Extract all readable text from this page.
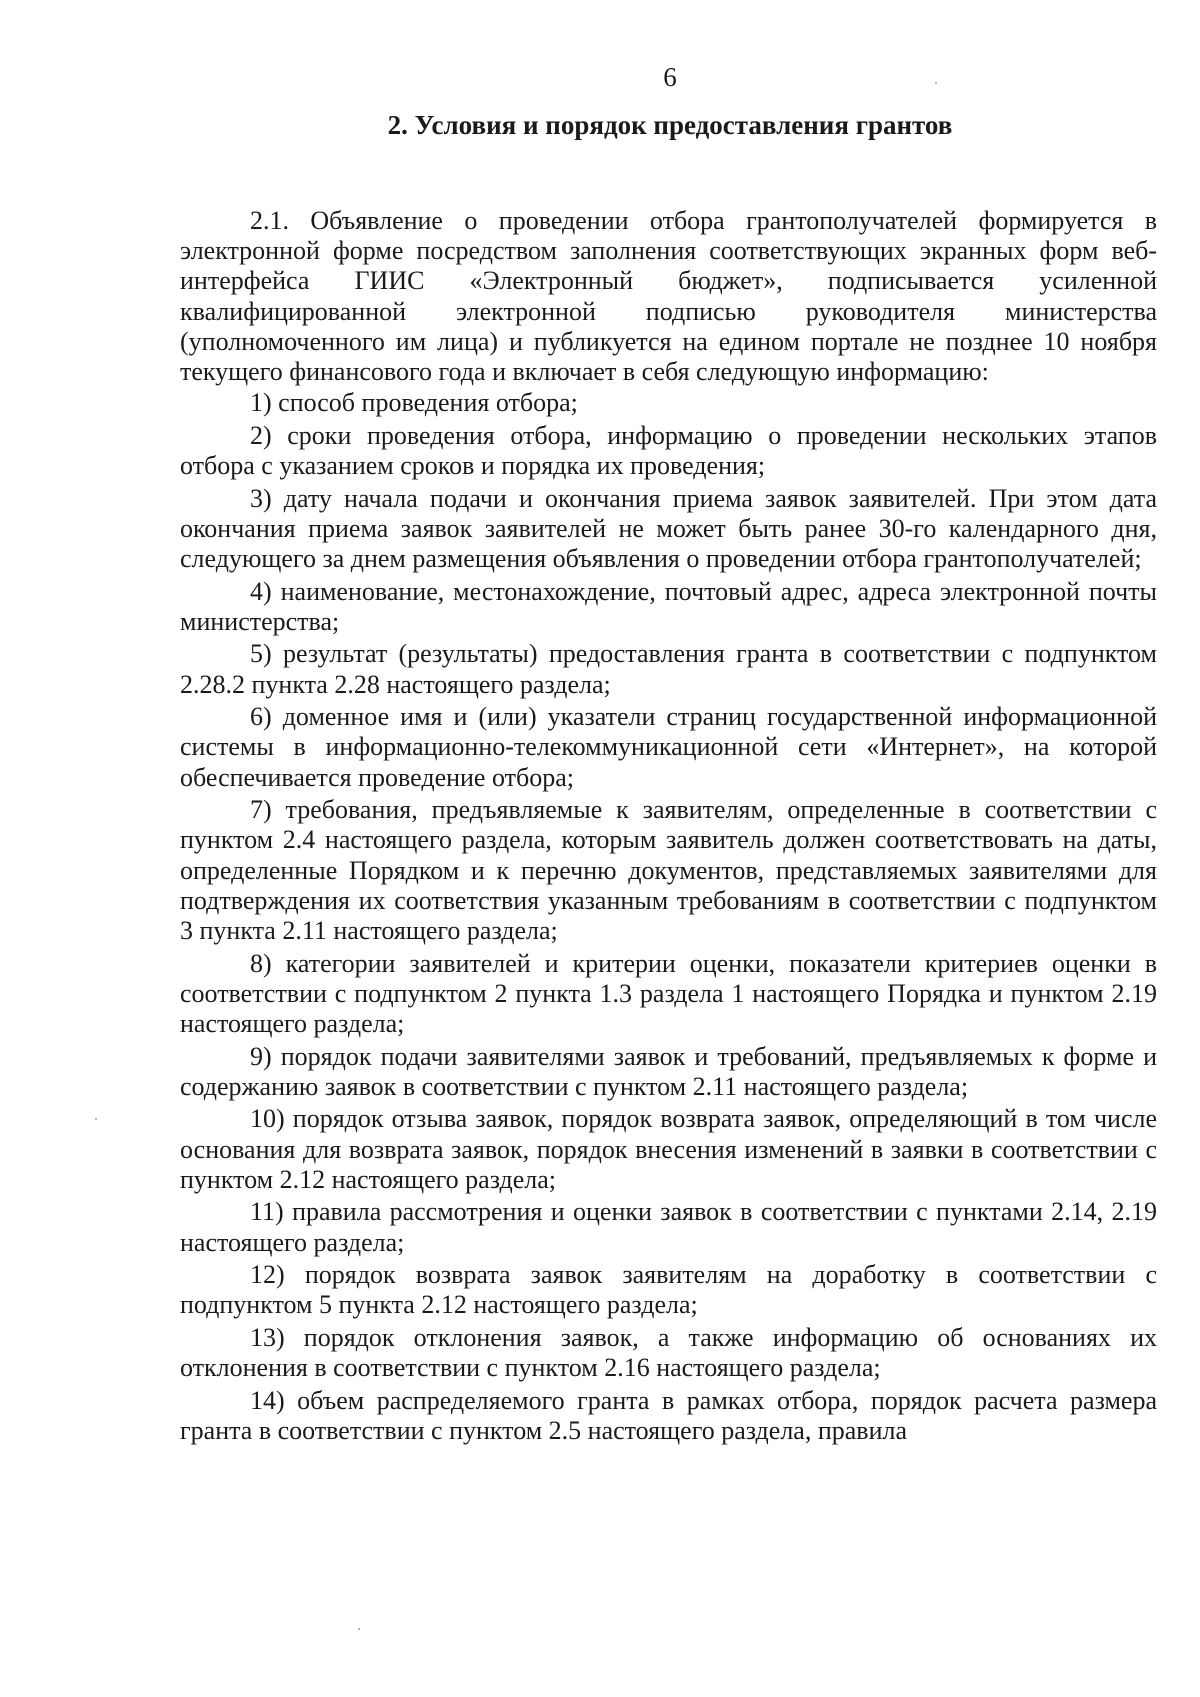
6
2. Условия и порядок предоставления грантов

2.1. Объявление о проведении отбора грантополучателей формируется в электронной форме посредством заполнения соответствующих экранных форм веб-интерфейса ГИИС «Электронный бюджет», подписывается усиленной квалифицированной электронной подписью руководителя министерства (уполномоченного им лица) и публикуется на едином портале не позднее 10 ноября текущего финансового года и включает в себя следующую информацию:

1) способ проведения отбора;

2) сроки проведения отбора, информацию о проведении нескольких этапов отбора с указанием сроков и порядка их проведения;

3) дату начала подачи и окончания приема заявок заявителей. При этом дата окончания приема заявок заявителей не может быть ранее 30-го календарного дня, следующего за днем размещения объявления о проведении отбора грантополучателей;

4) наименование, местонахождение, почтовый адрес, адреса электронной почты министерства;

5) результат (результаты) предоставления гранта в соответствии с подпунктом 2.28.2 пункта 2.28 настоящего раздела;

6) доменное имя и (или) указатели страниц государственной информационной системы в информационно-телекоммуникационной сети «Интернет», на которой обеспечивается проведение отбора;

7) требования, предъявляемые к заявителям, определенные в соответствии с пунктом 2.4 настоящего раздела, которым заявитель должен соответствовать на даты, определенные Порядком и к перечню документов, представляемых заявителями для подтверждения их соответствия указанным требованиям в соответствии с подпунктом 3 пункта 2.11 настоящего раздела;

8) категории заявителей и критерии оценки, показатели критериев оценки в соответствии с подпунктом 2 пункта 1.3 раздела 1 настоящего Порядка и пунктом 2.19 настоящего раздела;

9) порядок подачи заявителями заявок и требований, предъявляемых к форме и содержанию заявок в соответствии с пунктом 2.11 настоящего раздела;

10) порядок отзыва заявок, порядок возврата заявок, определяющий в том числе основания для возврата заявок, порядок внесения изменений в заявки в соответствии с пунктом 2.12 настоящего раздела;

11) правила рассмотрения и оценки заявок в соответствии с пунктами 2.14, 2.19 настоящего раздела;

12) порядок возврата заявок заявителям на доработку в соответствии с подпунктом 5 пункта 2.12 настоящего раздела;

13) порядок отклонения заявок, а также информацию об основаниях их отклонения в соответствии с пунктом 2.16 настоящего раздела;

14) объем распределяемого гранта в рамках отбора, порядок расчета размера гранта в соответствии с пунктом 2.5 настоящего раздела, правила
